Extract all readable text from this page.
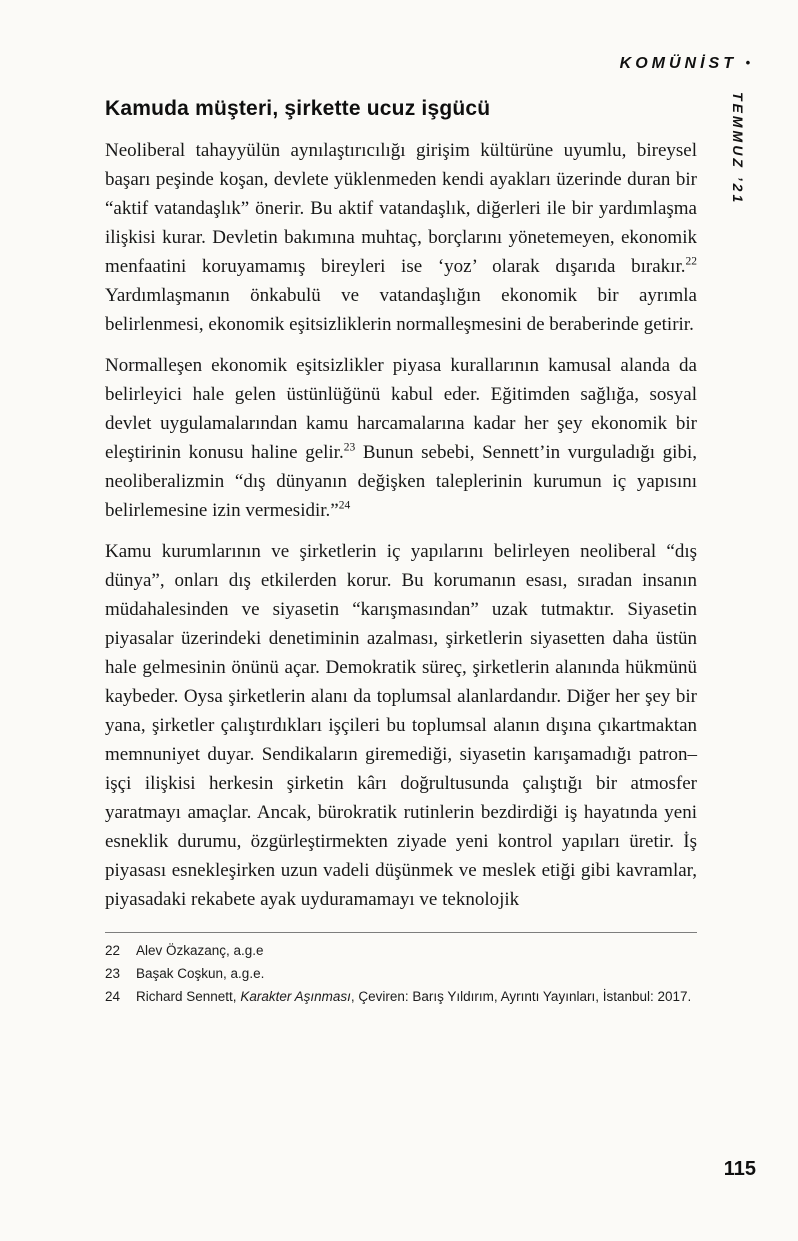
KOMÜNİST •
TEMMUZ ’21
Kamuda müşteri, şirkette ucuz işgücü

Neoliberal tahayyülün aynılaştırıcılığı girişim kültürüne uyumlu, bireysel başarı peşinde koşan, devlete yüklenmeden kendi ayakları üzerinde duran bir “aktif vatandaşlık” önerir. Bu aktif vatandaşlık, diğerleri ile bir yardımlaşma ilişkisi kurar. Devletin bakımına muhtaç, borçlarını yönetemeyen, ekonomik menfaatini koruyamamış bireyleri ise ‘yoz’ olarak dışarıda bırakır.$^{22}$ Yardımlaşmanın önkabulü ve vatandaşlığın ekonomik bir ayrımla belirlenmesi, ekonomik eşitsizliklerin normalleşmesini de beraberinde getirir.

Normalleşen ekonomik eşitsizlikler piyasa kurallarının kamusal alanda da belirleyici hale gelen üstünlüğünü kabul eder. Eğitimden sağlığa, sosyal devlet uygulamalarından kamu harcamalarına kadar her şey ekonomik bir eleştirinin konusu haline gelir.$^{23}$ Bunun sebebi, Sennett’in vurguladığı gibi, neoliberalizmin “dış dünyanın değişken taleplerinin kurumun iç yapısını belirlemesine izin vermesidir.”$^{24}$

Kamu kurumlarının ve şirketlerin iç yapılarını belirleyen neoliberal “dış dünya”, onları dış etkilerden korur. Bu korumanın esası, sıradan insanın müdahalesinden ve siyasetin “karışmasından” uzak tutmaktır. Siyasetin piyasalar üzerindeki denetiminin azalması, şirketlerin siyasetten daha üstün hale gelmesinin önünü açar. Demokratik süreç, şirketlerin alanında hükmünü kaybeder. Oysa şirketlerin alanı da toplumsal alanlardandır. Diğer her şey bir yana, şirketler çalıştırdıkları işçileri bu toplumsal alanın dışına çıkartmaktan memnuniyet duyar. Sendikaların giremediği, siyasetin karışamadığı patron–işçi ilişkisi herkesin şirketin kârı doğrultusunda çalıştığı bir atmosfer yaratmayı amaçlar. Ancak, bürokratik rutinlerin bezdirdiği iş hayatında yeni esneklik durumu, özgürleştirmekten ziyade yeni kontrol yapıları üretir. İş piyasası esnekleşirken uzun vadeli düşünmek ve meslek etiği gibi kavramlar, piyasadaki rekabete ayak uyduramamayı ve teknolojik

22 Alev Özkazanç, a.g.e

23 Başak Coşkun, a.g.e.

24 Richard Sennett, Karakter Aşınması, Çeviren: Barış Yıldırım, Ayrıntı Yayınları, İstanbul: 2017.

115
